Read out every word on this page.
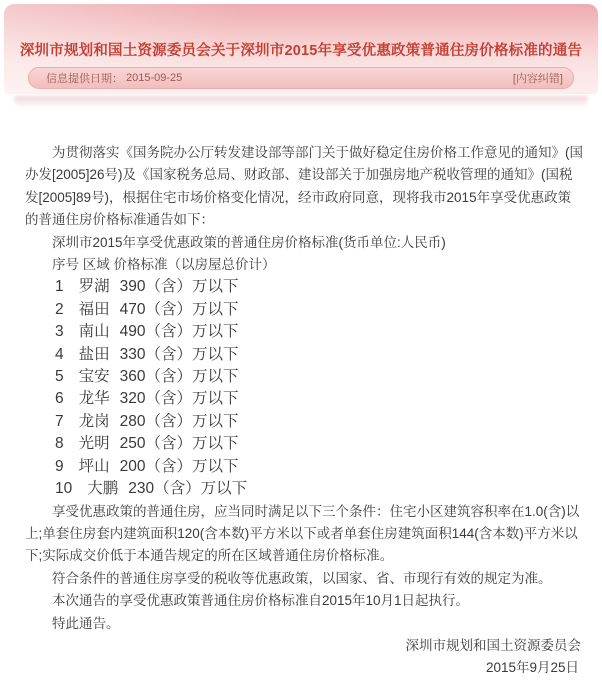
深圳市规划和国土资源委员会关于深圳市2015年享受优惠政策普通住房价格标准的通告
信息提供日期： 2015-09-25	[内容纠错]

为贯彻落实《国务院办公厅转发建设部等部门关于做好稳定住房价格工作意见的通知》(国办发[2005]26号)及《国家税务总局、财政部、建设部关于加强房地产税收管理的通知》(国税发[2005]89号)，根据住宅市场价格变化情况，经市政府同意，现将我市2015年享受优惠政策的普通住房价格标准通告如下：

深圳市2015年享受优惠政策的普通住房价格标准(货币单位:人民币)

序号 区域 价格标准（以房屋总价计）

1 罗湖 390（含）万以下
2 福田 470（含）万以下
3 南山 490（含）万以下
4 盐田 330（含）万以下
5 宝安 360（含）万以下
6 龙华 320（含）万以下
7 龙岗 280（含）万以下
8 光明 250（含）万以下
9 坪山 200（含）万以下
10 大鹏 230（含）万以下

享受优惠政策的普通住房，应当同时满足以下三个条件：住宅小区建筑容积率在1.0(含)以上;单套住房套内建筑面积120(含本数)平方米以下或者单套住房建筑面积144(含本数)平方米以下;实际成交价低于本通告规定的所在区域普通住房价格标准。

符合条件的普通住房享受的税收等优惠政策，以国家、省、市现行有效的规定为准。

本次通告的享受优惠政策普通住房价格标准自2015年10月1日起执行。

特此通告。

深圳市规划和国土资源委员会

2015年9月25日
